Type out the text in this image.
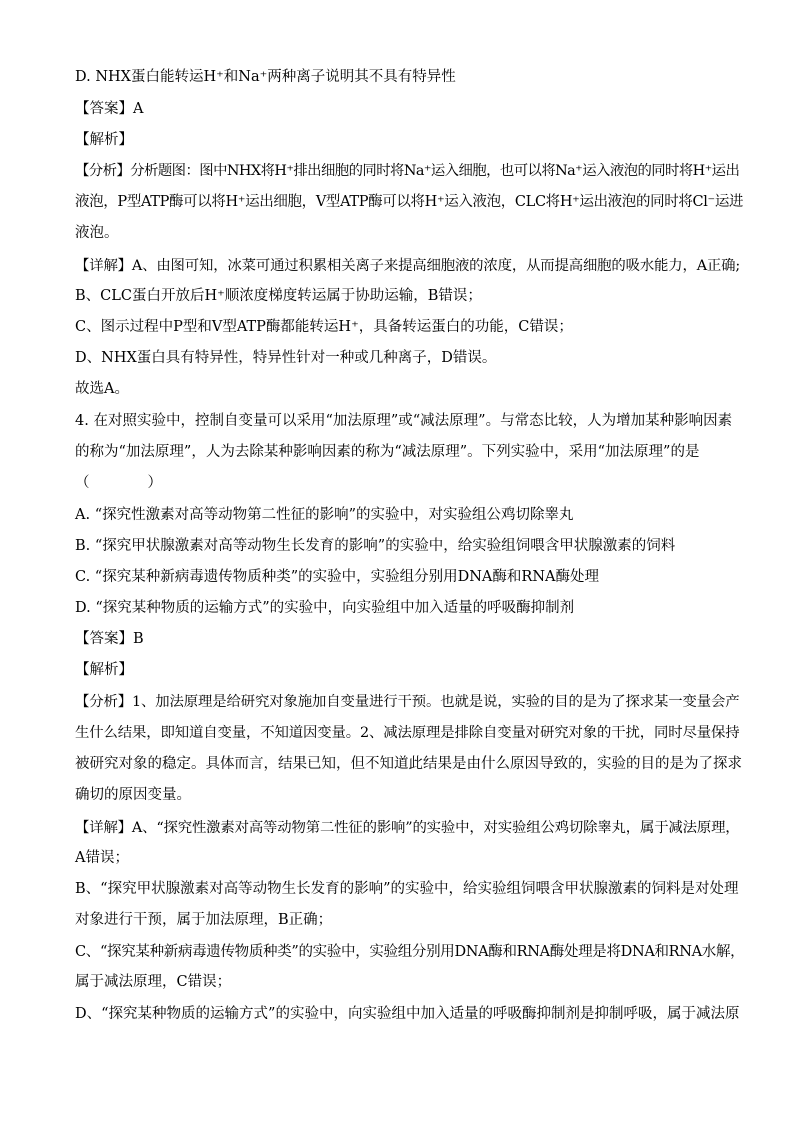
D. NHX蛋白能转运H⁺和Na⁺两种离子说明其不具有特异性
【答案】A
【解析】
【分析】分析题图：图中NHX将H⁺排出细胞的同时将Na⁺运入细胞，也可以将Na⁺运入液泡的同时将H⁺运出
液泡，P型ATP酶可以将H⁺运出细胞，V型ATP酶可以将H⁺运入液泡，CLC将H⁺运出液泡的同时将Cl⁻运进
液泡。
【详解】A、由图可知，冰菜可通过积累相关离子来提高细胞液的浓度，从而提高细胞的吸水能力，A正确;
B、CLC蛋白开放后H⁺顺浓度梯度转运属于协助运输，B错误；
C、图示过程中P型和V型ATP酶都能转运H⁺，具备转运蛋白的功能，C错误；
D、NHX蛋白具有特异性，特异性针对一种或几种离子，D错误。
故选A。
4. 在对照实验中，控制自变量可以采用“加法原理”或“减法原理”。与常态比较，人为增加某种影响因素
的称为“加法原理”，人为去除某种影响因素的称为“减法原理”。下列实验中，采用“加法原理”的是
（　　　　）
A. “探究性激素对高等动物第二性征的影响”的实验中，对实验组公鸡切除睾丸
B. “探究甲状腺激素对高等动物生长发育的影响”的实验中，给实验组饲喂含甲状腺激素的饲料
C. “探究某种新病毒遗传物质种类”的实验中，实验组分别用DNA酶和RNA酶处理
D. “探究某种物质的运输方式”的实验中，向实验组中加入适量的呼吸酶抑制剂
【答案】B
【解析】
【分析】1、加法原理是给研究对象施加自变量进行干预。也就是说，实验的目的是为了探求某一变量会产
生什么结果，即知道自变量，不知道因变量。2、减法原理是排除自变量对研究对象的干扰，同时尽量保持
被研究对象的稳定。具体而言，结果已知，但不知道此结果是由什么原因导致的，实验的目的是为了探求
确切的原因变量。
【详解】A、“探究性激素对高等动物第二性征的影响”的实验中，对实验组公鸡切除睾丸，属于减法原理，
A错误；
B、“探究甲状腺激素对高等动物生长发育的影响”的实验中，给实验组饲喂含甲状腺激素的饲料是对处理
对象进行干预，属于加法原理，B正确；
C、“探究某种新病毒遗传物质种类”的实验中，实验组分别用DNA酶和RNA酶处理是将DNA和RNA水解，
属于减法原理，C错误；
D、“探究某种物质的运输方式”的实验中，向实验组中加入适量的呼吸酶抑制剂是抑制呼吸，属于减法原
